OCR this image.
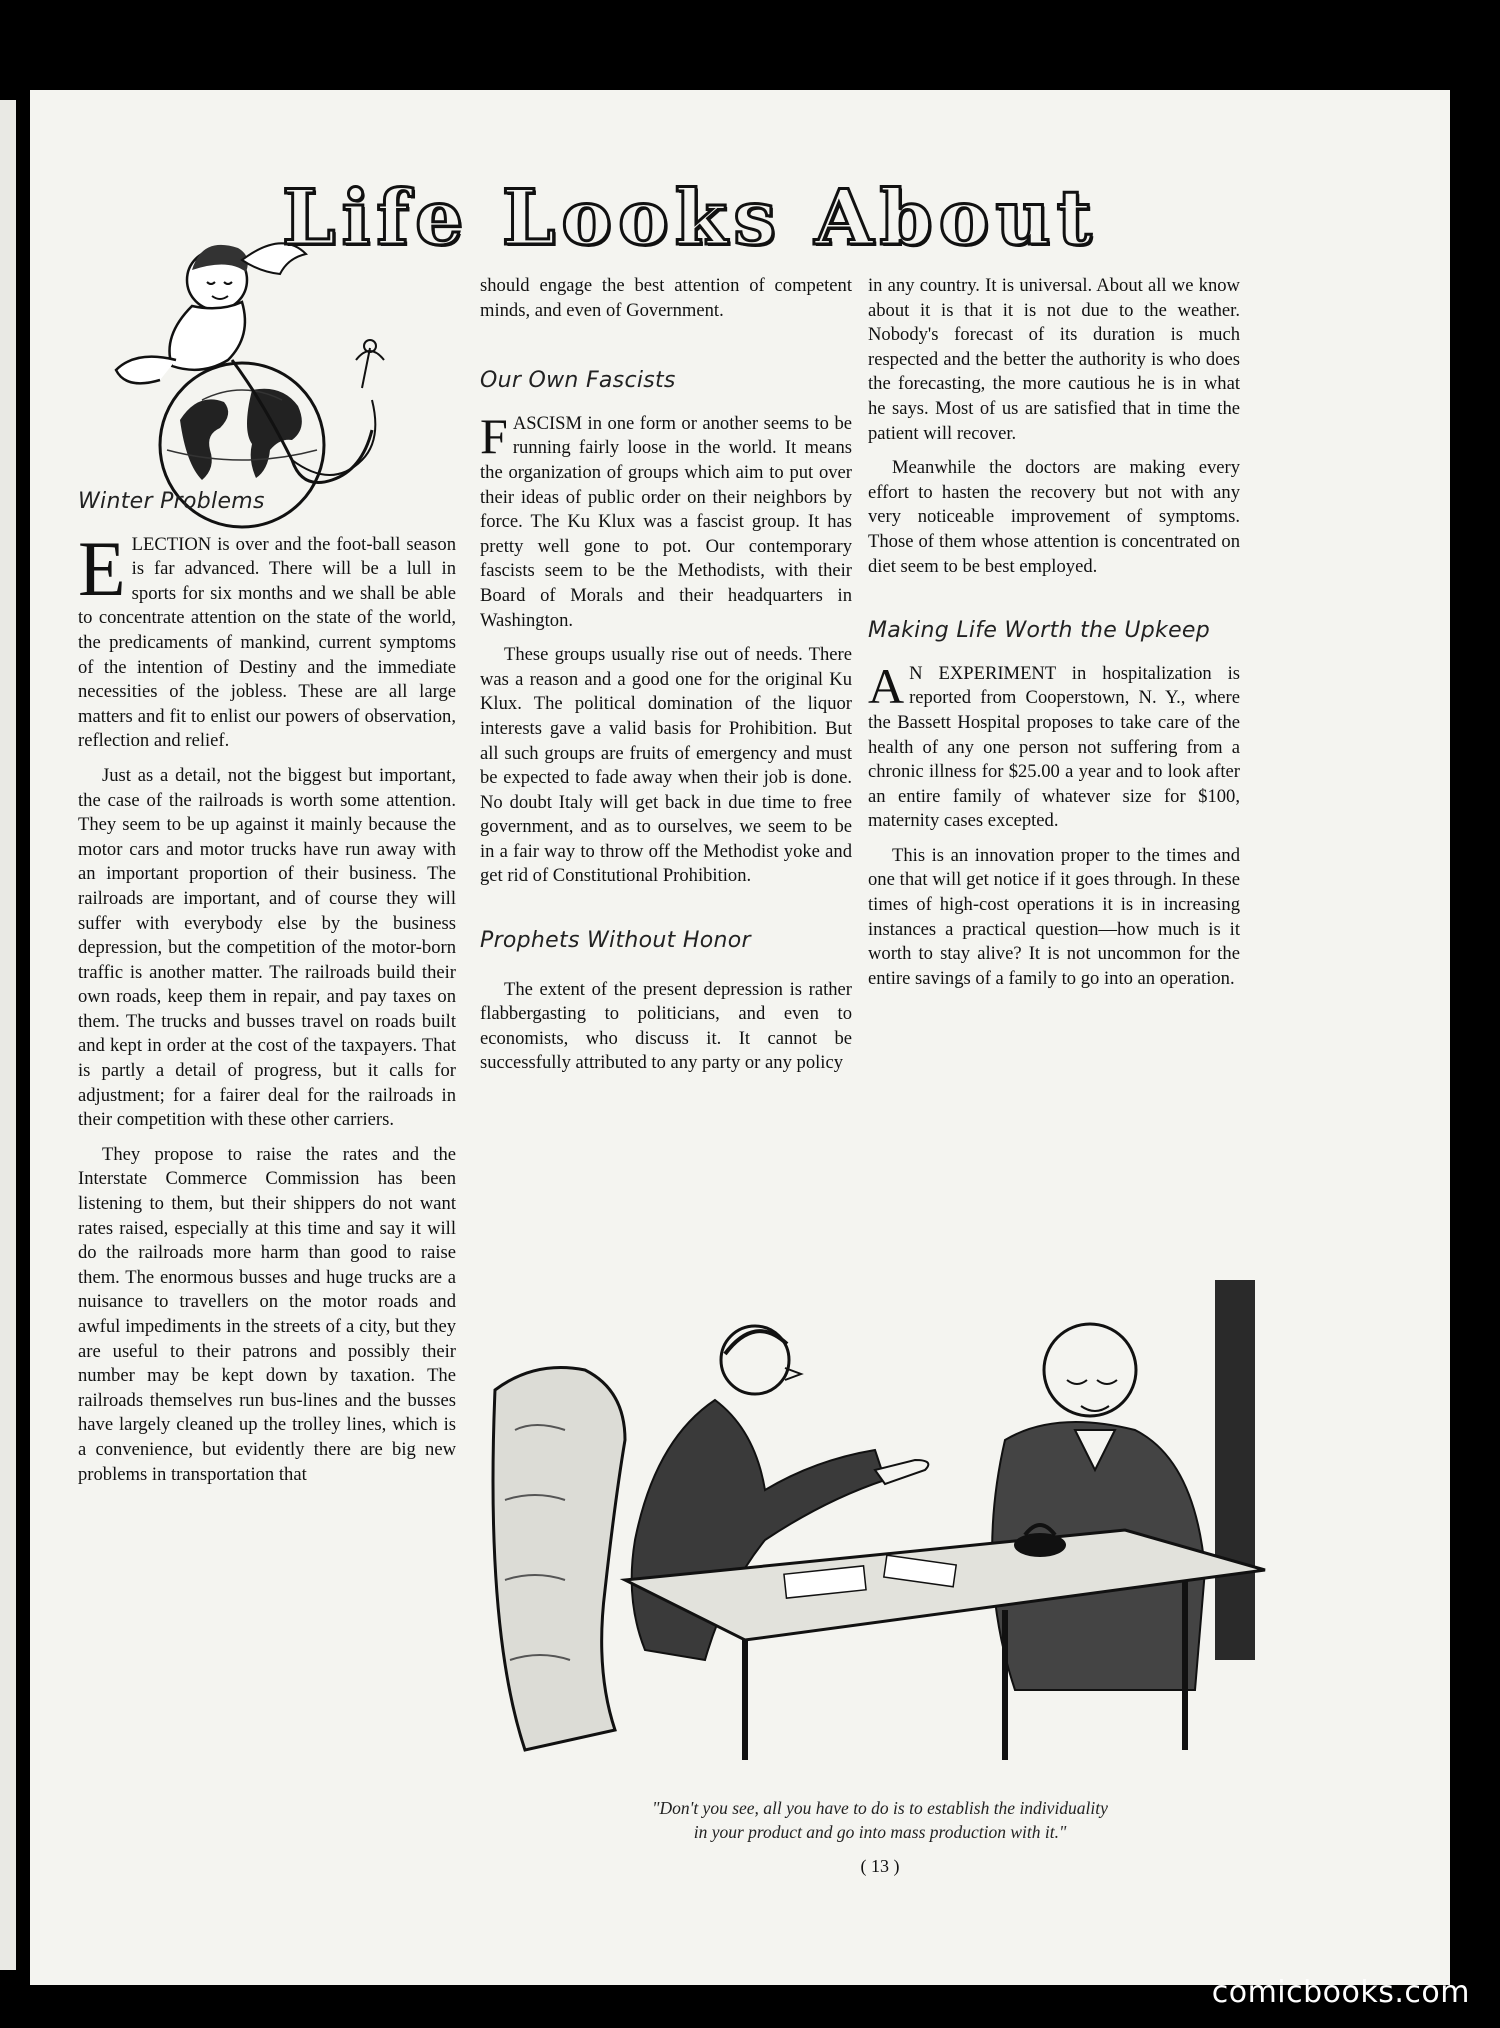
Life Looks About
Winter Problems

ELECTION is over and the foot-ball season is far advanced. There will be a lull in sports for six months and we shall be able to concentrate attention on the state of the world, the predicaments of mankind, current symptoms of the intention of Destiny and the immediate necessities of the jobless. These are all large matters and fit to enlist our powers of observation, reflection and relief.

Just as a detail, not the biggest but important, the case of the railroads is worth some attention. They seem to be up against it mainly because the motor cars and motor trucks have run away with an important proportion of their business. The railroads are important, and of course they will suffer with everybody else by the business depression, but the competition of the motor-born traffic is another matter. The railroads build their own roads, keep them in repair, and pay taxes on them. The trucks and busses travel on roads built and kept in order at the cost of the taxpayers. That is partly a detail of progress, but it calls for adjustment; for a fairer deal for the railroads in their competition with these other carriers.

They propose to raise the rates and the Interstate Commerce Commission has been listening to them, but their shippers do not want rates raised, especially at this time and say it will do the railroads more harm than good to raise them. The enormous busses and huge trucks are a nuisance to travellers on the motor roads and awful impediments in the streets of a city, but they are useful to their patrons and possibly their number may be kept down by taxation. The railroads themselves run bus-lines and the busses have largely cleaned up the trolley lines, which is a convenience, but evidently there are big new problems in transportation that

should engage the best attention of competent minds, and even of Government.

Our Own Fascists

FASCISM in one form or another seems to be running fairly loose in the world. It means the organization of groups which aim to put over their ideas of public order on their neighbors by force. The Ku Klux was a fascist group. It has pretty well gone to pot. Our contemporary fascists seem to be the Methodists, with their Board of Morals and their headquarters in Washington.

These groups usually rise out of needs. There was a reason and a good one for the original Ku Klux. The political domination of the liquor interests gave a valid basis for Prohibition. But all such groups are fruits of emergency and must be expected to fade away when their job is done. No doubt Italy will get back in due time to free government, and as to ourselves, we seem to be in a fair way to throw off the Methodist yoke and get rid of Constitutional Prohibition.

Prophets Without Honor

The extent of the present depression is rather flabbergasting to politicians, and even to economists, who discuss it. It cannot be successfully attributed to any party or any policy

in any country. It is universal. About all we know about it is that it is not due to the weather. Nobody's forecast of its duration is much respected and the better the authority is who does the forecasting, the more cautious he is in what he says. Most of us are satisfied that in time the patient will recover.

Meanwhile the doctors are making every effort to hasten the recovery but not with any very noticeable improvement of symptoms. Those of them whose attention is concentrated on diet seem to be best employed.

Making Life Worth the Upkeep

A N EXPERIMENT in hospitalization is reported from Cooperstown, N. Y., where the Bassett Hospital proposes to take care of the health of any one person not suffering from a chronic illness for $25.00 a year and to look after an entire family of whatever size for $100, maternity cases excepted.

This is an innovation proper to the times and one that will get notice if it goes through. In these times of high-cost operations it is in increasing instances a practical question—how much is it worth to stay alive? It is not uncommon for the entire savings of a family to go into an operation.

"Don't you see, all you have to do is to establish the individuality
in your product and go into mass production with it."
( 13 )
comicbooks.com
